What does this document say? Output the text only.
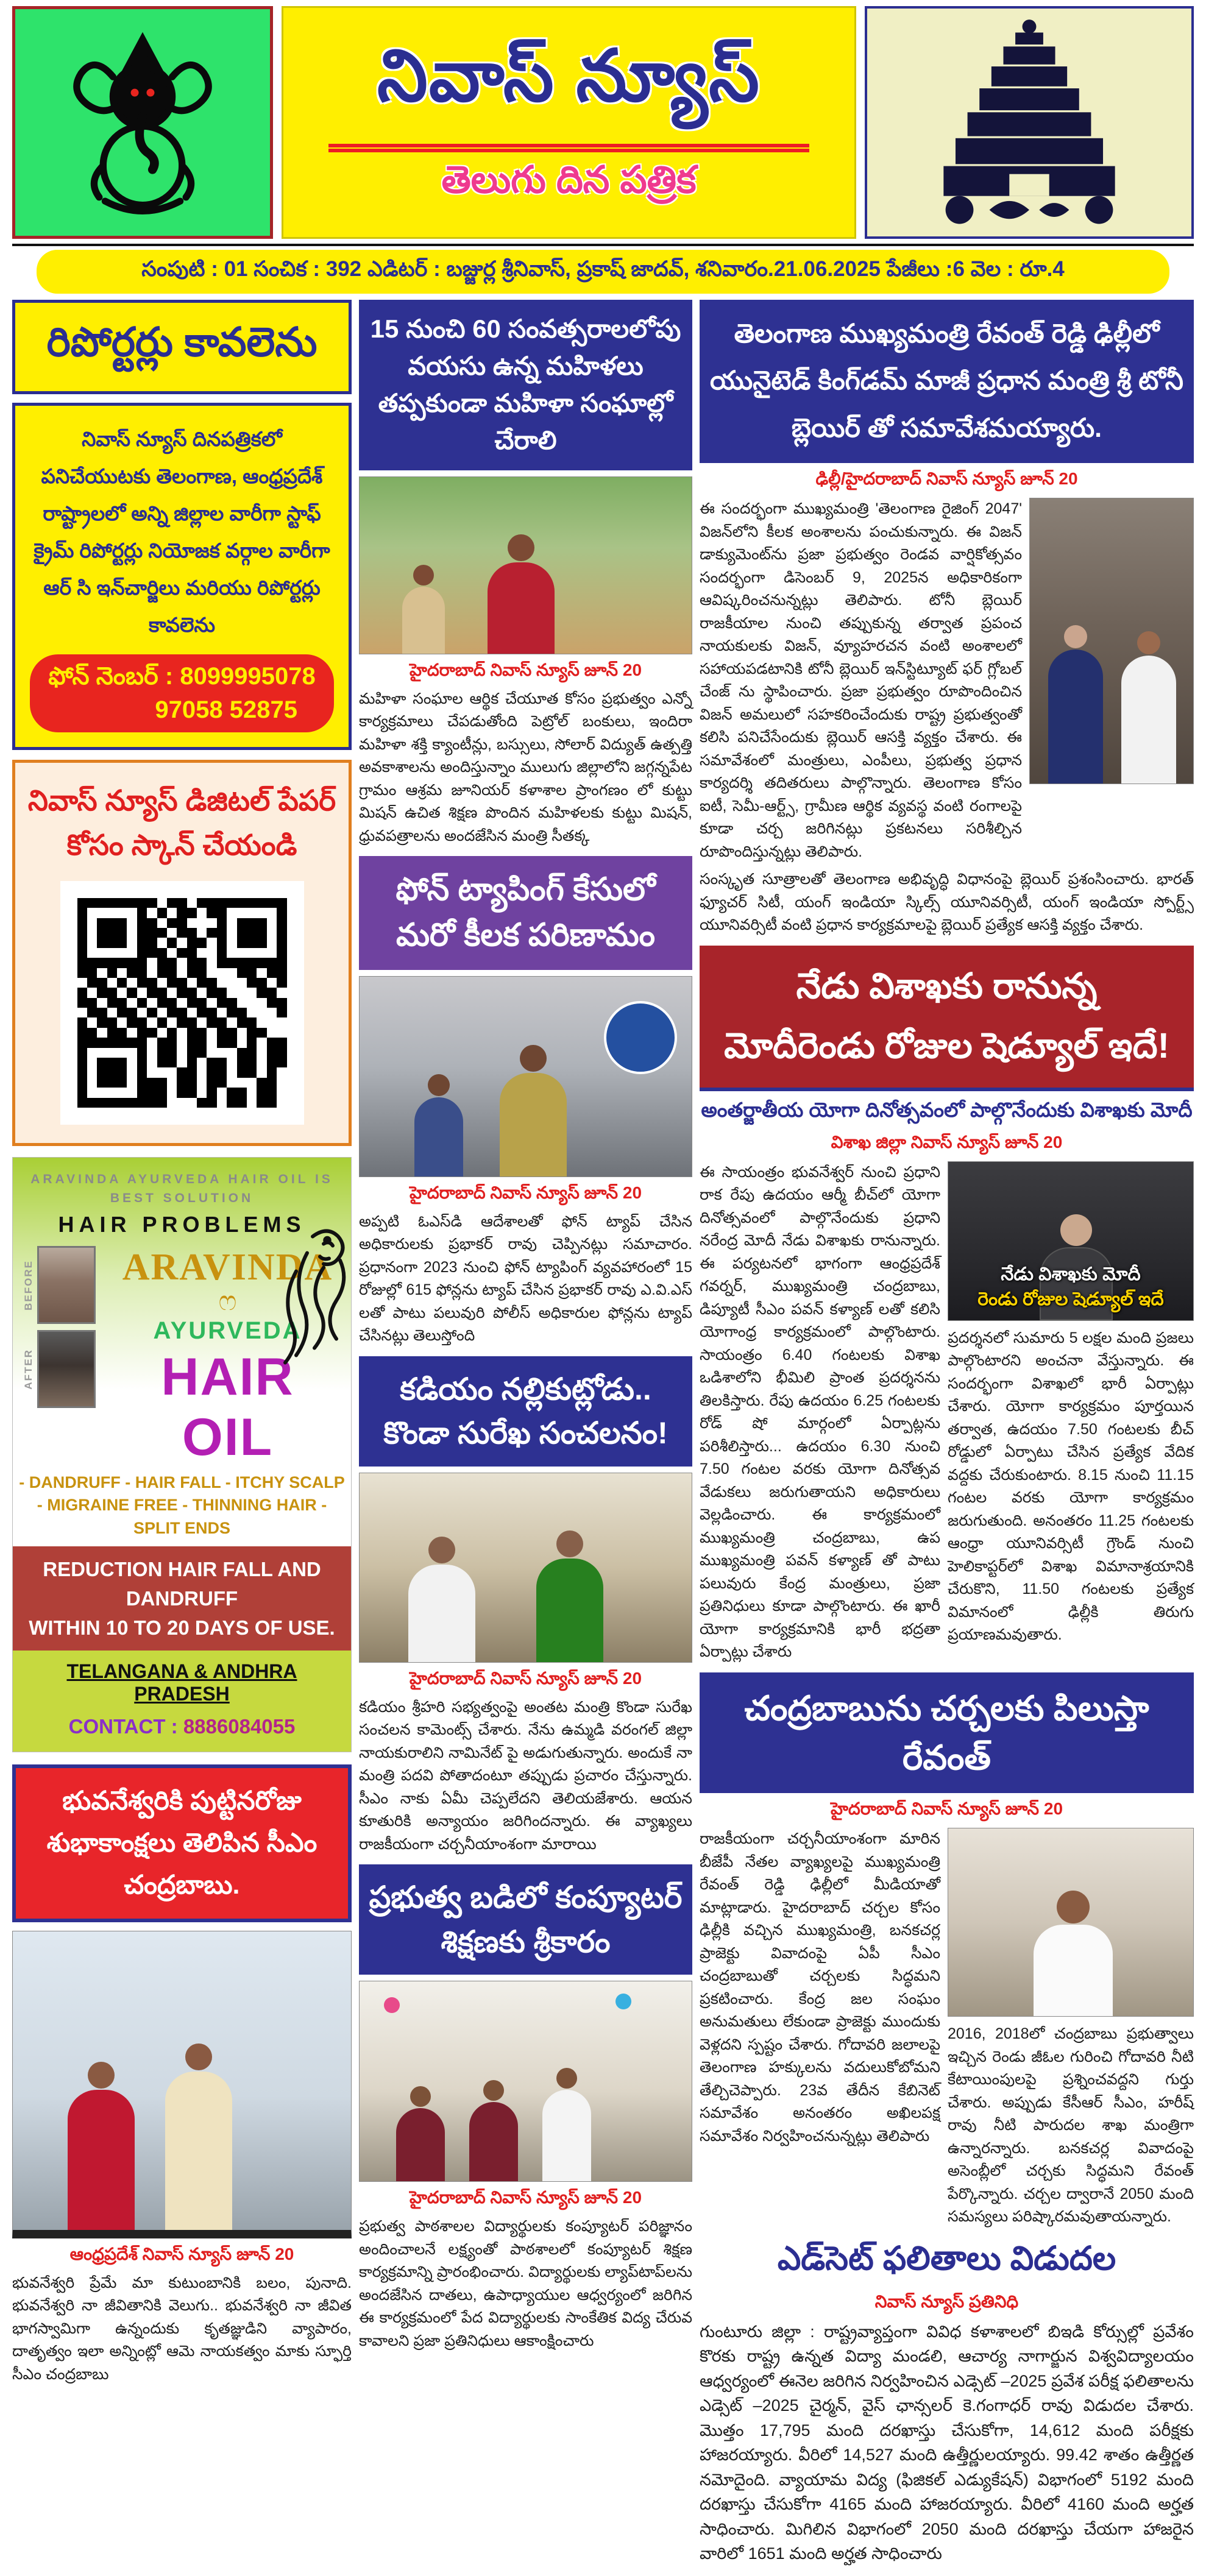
నివాస్ న్యూస్
తెలుగు దిన పత్రిక
సంపుటి : 01 సంచిక : 392 ఎడిటర్ : బజ్జుర్ల శ్రీనివాస్, ప్రకాష్ జాదవ్, శనివారం.21.06.2025 పేజీలు :6 వెల : రూ.4
రిపోర్టర్లు కావలెను
నివాస్ న్యూస్ దినపత్రికలో పనిచేయుటకు తెలంగాణ, ఆంధ్రప్రదేశ్ రాష్ట్రాలలో అన్ని జిల్లాల వారీగా స్టాఫ్ క్రైమ్ రిపోర్టర్లు నియోజక వర్గాల వారీగా ఆర్ సి ఇన్‌చార్జిలు మరియు రిపోర్టర్లు కావలెను
ఫోన్ నెంబర్ : 8099995078
97058 52875
నివాస్ న్యూస్ డిజిటల్ పేపర్
కోసం స్కాన్ చేయండి
ARAVINDA AYURVEDA HAIR OIL IS
BEST SOLUTION
HAIR PROBLEMS
BEFORE
AFTER
ARAVINDA
ෆ
AYURVEDA
HAIR OIL
- DANDRUFF - HAIR FALL - ITCHY SCALP
- MIGRAINE FREE - THINNING HAIR - SPLIT ENDS
REDUCTION HAIR FALL AND DANDRUFF
WITHIN 10 TO 20 DAYS OF USE.
TELANGANA & ANDHRA PRADESH
CONTACT : 8886084055
భువనేశ్వరికి పుట్టినరోజు
శుభాకాంక్షలు తెలిపిన సీఎం చంద్రబాబు.
ఆంధ్రప్రదేశ్ నివాస్ న్యూస్ జూన్ 20
భువనేశ్వరి ప్రేమే మా కుటుంబానికి బలం, పునాది. భువనేశ్వరి నా జీవితానికి వెలుగు.. భువనేశ్వరి నా జీవిత భాగస్వామిగా ఉన్నందుకు కృతజ్ఞుడిని వ్యాపారం, దాతృత్వం ఇలా అన్నింట్లో ఆమె నాయకత్వం మాకు స్ఫూర్తి సీఎం చంద్రబాబు
15 నుంచి 60 సంవత్సరాలలోపు వయసు ఉన్న మహిళలు తప్పకుండా మహిళా సంఘాల్లో చేరాలి
హైదరాబాద్ నివాస్ న్యూస్ జూన్ 20
మహిళా సంఘాల ఆర్థిక చేయూత కోసం ప్రభుత్వం ఎన్నో కార్యక్రమాలు చేపడుతోంది పెట్రోల్ బంకులు, ఇందిరా మహిళా శక్తి క్యాంటీన్లు, బస్సులు, సోలార్ విద్యుత్ ఉత్పత్తి అవకాశాలను అందిస్తున్నాం ములుగు జిల్లాలోని జగ్గన్నపేట గ్రామం ఆశ్రమ జూనియర్ కళాశాల ప్రాంగణం లో కుట్టు మిషన్ ఉచిత శిక్షణ పొందిన మహిళలకు కుట్టు మిషన్, ధ్రువపత్రాలను అందజేసిన మంత్రి సీతక్క
ఫోన్ ట్యాపింగ్ కేసులో మరో కీలక పరిణామం
హైదరాబాద్ నివాస్ న్యూస్ జూన్ 20
అప్పటి ఓఎస్‌డి ఆదేశాలతో ఫోన్ ట్యాప్ చేసిన అధికారులకు ప్రభాకర్ రావు చెప్పినట్లు సమాచారం. ప్రధానంగా 2023 నుంచి ఫోన్ ట్యాపింగ్ వ్యవహారంలో 15 రోజుల్లో 615 ఫోన్లను ట్యాప్ చేసిన ప్రభాకర్ రావు ఎ.వి.ఎస్ లతో పాటు పలువురి పోలీస్ అధికారుల ఫోన్లను ట్యాప్ చేసినట్లు తెలుస్తోంది
కడియం నల్లికుట్లోడు.. కొండా సురేఖ సంచలనం!
హైదరాబాద్ నివాస్ న్యూస్ జూన్ 20
కడియం శ్రీహరి సభ్యత్వంపై అంతట మంత్రి కొండా సురేఖ సంచలన కామెంట్స్ చేశారు. నేను ఉమ్మడి వరంగల్ జిల్లా నాయకురాలిని నామినేట్ పై అడుగుతున్నారు. అందుకే నా మంత్రి పదవి పోతాదంటూ తప్పుడు ప్రచారం చేస్తున్నారు. సీఎం నాకు ఏమీ చెప్పలేదని తెలియజేశారు. ఆయన కూతురికి అన్యాయం జరిగిందన్నారు. ఈ వ్యాఖ్యలు రాజకీయంగా చర్చనీయాంశంగా మారాయి
ప్రభుత్వ బడిలో కంప్యూటర్ శిక్షణకు శ్రీకారం
హైదరాబాద్ నివాస్ న్యూస్ జూన్ 20
ప్రభుత్వ పాఠశాలల విద్యార్థులకు కంప్యూటర్ పరిజ్ఞానం అందించాలనే లక్ష్యంతో పాఠశాలలో కంప్యూటర్ శిక్షణ కార్యక్రమాన్ని ప్రారంభించారు. విద్యార్థులకు ల్యాప్‌టాప్‌లను అందజేసిన దాతలు, ఉపాధ్యాయుల ఆధ్వర్యంలో జరిగిన ఈ కార్యక్రమంలో పేద విద్యార్థులకు సాంకేతిక విద్య చేరువ కావాలని ప్రజా ప్రతినిధులు ఆకాంక్షించారు
తెలంగాణ ముఖ్యమంత్రి రేవంత్ రెడ్డి ఢిల్లీలో యునైటెడ్ కింగ్‌డమ్ మాజీ ప్రధాన మంత్రి శ్రీ టోనీ బ్లెయిర్ తో సమావేశమయ్యారు.
ఢిల్లీ/హైదరాబాద్ నివాస్ న్యూస్ జూన్ 20
ఈ సందర్భంగా ముఖ్యమంత్రి 'తెలంగాణ రైజింగ్ 2047' విజన్‌లోని కీలక అంశాలను పంచుకున్నారు. ఈ విజన్ డాక్యుమెంట్‌ను ప్రజా ప్రభుత్వం రెండవ వార్షికోత్సవం సందర్భంగా డిసెంబర్ 9, 2025న అధికారికంగా ఆవిష్కరించనున్నట్లు తెలిపారు. టోనీ బ్లెయిర్ రాజకీయాల నుంచి తప్పుకున్న తర్వాత ప్రపంచ నాయకులకు విజన్, వ్యూహరచన వంటి అంశాలలో సహాయపడటానికి టోనీ బ్లెయిర్ ఇన్‌స్టిట్యూట్ ఫర్ గ్లోబల్ చేంజ్ ను స్థాపించారు. ప్రజా ప్రభుత్వం రూపొందించిన విజన్ అమలులో సహకరించేందుకు రాష్ట్ర ప్రభుత్వంతో కలిసి పనిచేసేందుకు బ్లెయిర్ ఆసక్తి వ్యక్తం చేశారు. ఈ సమావేశంలో మంత్రులు, ఎంపీలు, ప్రభుత్వ ప్రధాన కార్యదర్శి తదితరులు పాల్గొన్నారు. తెలంగాణ కోసం ఐటీ, సెమీ-ఆర్ట్స్, గ్రామీణ ఆర్థిక వ్యవస్థ వంటి రంగాలపై కూడా చర్చ జరిగినట్లు ప్రకటనలు సరిశీల్చిన రూపొందిస్తున్నట్లు తెలిపారు.
సంస్కృత సూత్రాలతో తెలంగాణ అభివృద్ధి విధానంపై బ్లెయిర్ ప్రశంసించారు. భారత్ ఫ్యూచర్ సిటీ, యంగ్ ఇండియా స్కిల్స్ యూనివర్సిటీ, యంగ్ ఇండియా స్పోర్ట్స్ యూనివర్సిటీ వంటి ప్రధాన కార్యక్రమాలపై బ్లెయిర్ ప్రత్యేక ఆసక్తి వ్యక్తం చేశారు.
నేడు విశాఖకు రానున్న
మోదీరెండు రోజుల షెడ్యూల్ ఇదే!
అంతర్జాతీయ యోగా దినోత్సవంలో పాల్గొనేందుకు విశాఖకు మోదీ
విశాఖ జిల్లా నివాస్ న్యూస్ జూన్ 20
ఈ సాయంత్రం భువనేశ్వర్ నుంచి ప్రధాని రాక రేపు ఉదయం ఆర్మీ బీచ్‌లో యోగా దినోత్సవంలో పాల్గొనేందుకు ప్రధాని నరేంద్ర మోదీ నేడు విశాఖకు రానున్నారు. ఈ పర్యటనలో భాగంగా ఆంధ్రప్రదేశ్ గవర్నర్, ముఖ్యమంత్రి చంద్రబాబు, డిప్యూటీ సీఎం పవన్ కళ్యాణ్ లతో కలిసి యోగాంధ్ర కార్యక్రమంలో పాల్గొంటారు. సాయంత్రం 6.40 గంటలకు విశాఖ ఒడిశాలోని భీమిలి ప్రాంత ప్రదర్శనను తిలకిస్తారు. రేపు ఉదయం 6.25 గంటలకు రోడ్ షో మార్గంలో ఏర్పాట్లను పరిశీలిస్తారు... ఉదయం 6.30 నుంచి 7.50 గంటల వరకు యోగా దినోత్సవ వేడుకలు జరుగుతాయని అధికారులు వెల్లడించారు. ఈ కార్యక్రమంలో ముఖ్యమంత్రి చంద్రబాబు, ఉప ముఖ్యమంత్రి పవన్ కళ్యాణ్ తో పాటు పలువురు కేంద్ర మంత్రులు, ప్రజా ప్రతినిధులు కూడా పాల్గొంటారు. ఈ ఖారీ యోగా కార్యక్రమానికి భారీ భద్రతా ఏర్పాట్లు చేశారు
నేడు విశాఖకు మోదీ
రెండు రోజుల షెడ్యూల్ ఇదే
ప్రదర్శనలో సుమారు 5 లక్షల మంది ప్రజలు పాల్గొంటారని అంచనా వేస్తున్నారు. ఈ సందర్భంగా విశాఖలో భారీ ఏర్పాట్లు చేశారు. యోగా కార్యక్రమం పూర్తయిన తర్వాత, ఉదయం 7.50 గంటలకు బీచ్ రోడ్డులో ఏర్పాటు చేసిన ప్రత్యేక వేదిక వద్దకు చేరుకుంటారు. 8.15 నుంచి 11.15 గంటల వరకు యోగా కార్యక్రమం జరుగుతుంది. అనంతరం 11.25 గంటలకు ఆంధ్రా యూనివర్సిటీ గ్రౌండ్ నుంచి హెలికాప్టర్‌లో విశాఖ విమానాశ్రయానికి చేరుకొని, 11.50 గంటలకు ప్రత్యేక విమానంలో ఢిల్లీకి తిరుగు ప్రయాణమవుతారు.
చంద్రబాబును చర్చలకు పిలుస్తా రేవంత్
హైదరాబాద్ నివాస్ న్యూస్ జూన్ 20
రాజకీయంగా చర్చనీయాంశంగా మారిన బీజేపీ నేతల వ్యాఖ్యలపై ముఖ్యమంత్రి రేవంత్ రెడ్డి ఢిల్లీలో మీడియాతో మాట్లాడారు. హైదరాబాద్ చర్చల కోసం ఢిల్లీకి వచ్చిన ముఖ్యమంత్రి, బనకచర్ల ప్రాజెక్టు వివాదంపై ఏపీ సీఎం చంద్రబాబుతో చర్చలకు సిద్ధమని ప్రకటించారు. కేంద్ర జల సంఘం అనుమతులు లేకుండా ప్రాజెక్టు ముందుకు వెళ్లదని స్పష్టం చేశారు. గోదావరి జలాలపై తెలంగాణ హక్కులను వదులుకోబోమని తేల్చిచెప్పారు. 23వ తేదీన కేబినెట్ సమావేశం అనంతరం అఖిలపక్ష సమావేశం నిర్వహించనున్నట్లు తెలిపారు
2016, 2018లో చంద్రబాబు ప్రభుత్వాలు ఇచ్చిన రెండు జీఓల గురించి గోదావరి నీటి కేటాయింపులపై ప్రశ్నించవద్దని గుర్తు చేశారు. అప్పుడు కేసీఆర్ సీఎం, హరీష్ రావు నీటి పారుదల శాఖ మంత్రిగా ఉన్నారన్నారు. బనకచర్ల వివాదంపై అసెంబ్లీలో చర్చకు సిద్ధమని రేవంత్ పేర్కొన్నారు. చర్చల ద్వారానే 2050 మంది సమస్యలు పరిష్కారమవుతాయన్నారు.
ఎడ్‌సెట్ ఫలితాలు విడుదల
నివాస్ న్యూస్ ప్రతినిధి
గుంటూరు జిల్లా : రాష్ట్రవ్యాప్తంగా వివిధ కళాశాలలో బిఇడి కోర్సుల్లో ప్రవేశం కొరకు రాష్ట్ర ఉన్నత విద్యా మండలి, ఆచార్య నాగార్జున విశ్వవిద్యాలయం ఆధ్వర్యంలో ఈనెల జరిగిన నిర్వహించిన ఎడ్సెట్ –2025 ప్రవేశ పరీక్ష ఫలితాలను ఎడ్సెట్ –2025 చైర్మన్, వైస్ ఛాన్సలర్ కె.గంగాధర్ రావు విడుదల చేశారు. మొత్తం 17,795 మంది దరఖాస్తు చేసుకోగా, 14,612 మంది పరీక్షకు హాజరయ్యారు. వీరిలో 14,527 మంది ఉత్తీర్ణులయ్యారు. 99.42 శాతం ఉత్తీర్ణత నమోదైంది. వ్యాయామ విద్య (ఫిజికల్ ఎడ్యుకేషన్) విభాగంలో 5192 మంది దరఖాస్తు చేసుకోగా 4165 మంది హాజరయ్యారు. వీరిలో 4160 మంది అర్హత సాధించారు. మిగిలిన విభాగంలో 2050 మంది దరఖాస్తు చేయగా హాజరైన వారిలో 1651 మంది అర్హత సాధించారు
